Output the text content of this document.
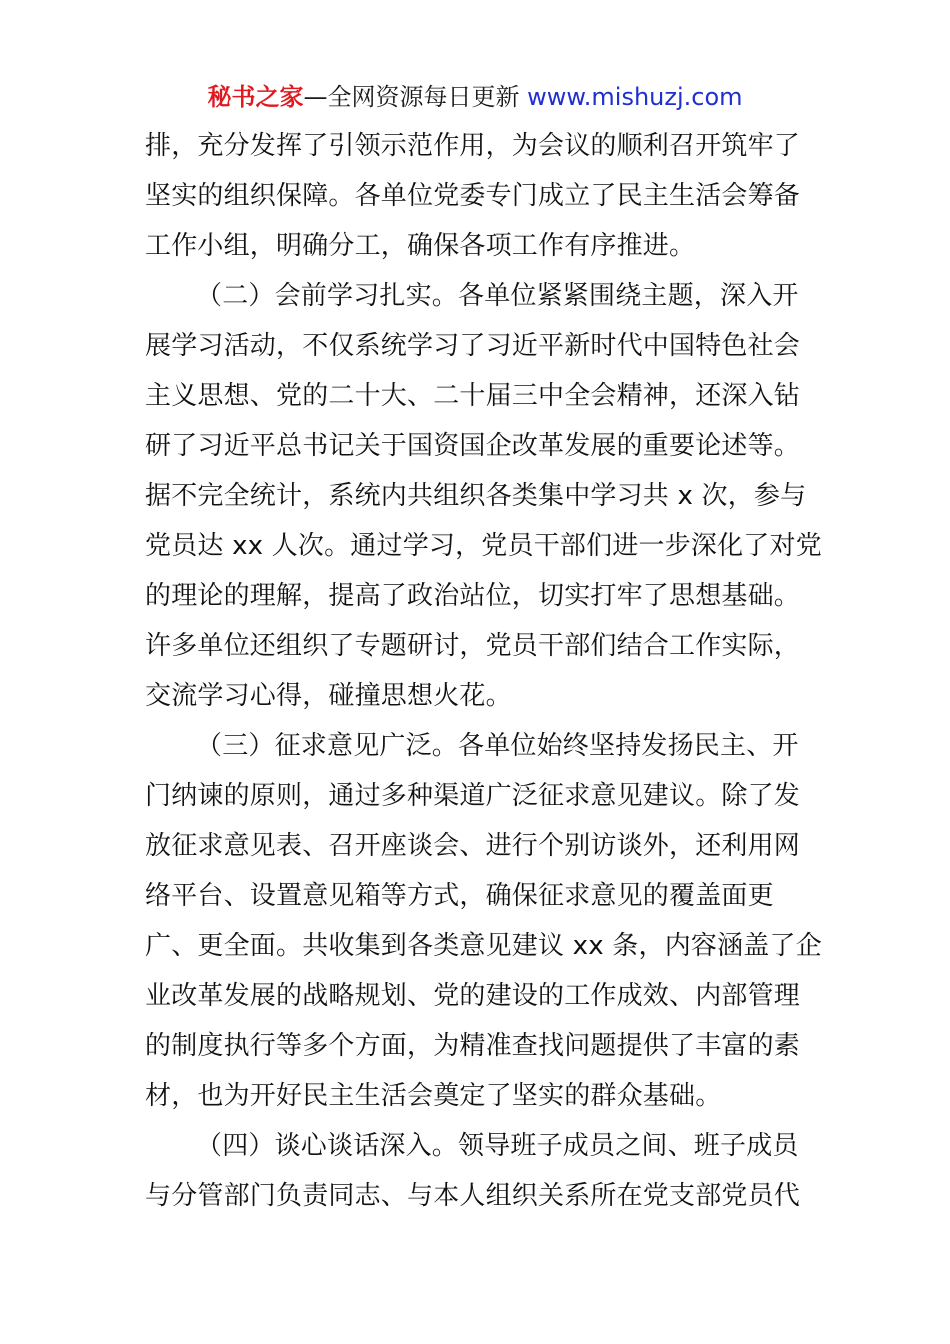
秘书之家—全网资源每日更新 www.mishuzj.com
排，充分发挥了引领示范作用，为会议的顺利召开筑牢了
坚实的组织保障。各单位党委专门成立了民主生活会筹备
工作小组，明确分工，确保各项工作有序推进。
（二）会前学习扎实。各单位紧紧围绕主题，深入开
展学习活动，不仅系统学习了习近平新时代中国特色社会
主义思想、党的二十大、二十届三中全会精神，还深入钻
研了习近平总书记关于国资国企改革发展的重要论述等。
据不完全统计，系统内共组织各类集中学习共 x 次，参与
党员达 xx 人次。通过学习，党员干部们进一步深化了对党
的理论的理解，提高了政治站位，切实打牢了思想基础。
许多单位还组织了专题研讨，党员干部们结合工作实际，
交流学习心得，碰撞思想火花。
（三）征求意见广泛。各单位始终坚持发扬民主、开
门纳谏的原则，通过多种渠道广泛征求意见建议。除了发
放征求意见表、召开座谈会、进行个别访谈外，还利用网
络平台、设置意见箱等方式，确保征求意见的覆盖面更
广、更全面。共收集到各类意见建议 xx 条，内容涵盖了企
业改革发展的战略规划、党的建设的工作成效、内部管理
的制度执行等多个方面，为精准查找问题提供了丰富的素
材，也为开好民主生活会奠定了坚实的群众基础。
（四）谈心谈话深入。领导班子成员之间、班子成员
与分管部门负责同志、与本人组织关系所在党支部党员代
